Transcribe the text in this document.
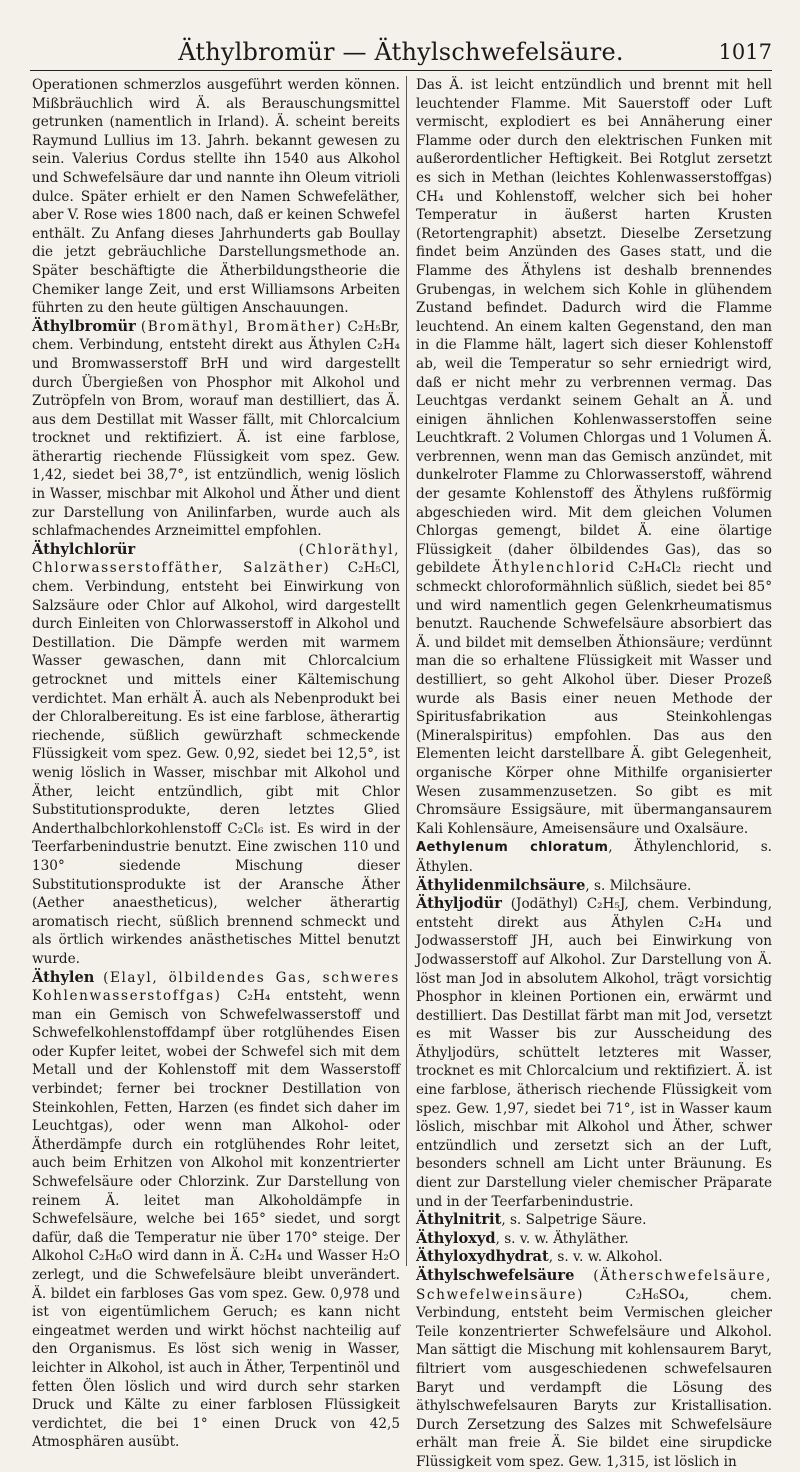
Äthylbromür — Äthylschwefelsäure.	1017

Operationen schmerzlos ausgeführt werden können. Mißbräuchlich wird Ä. als Berauschungsmittel getrunken (namentlich in Irland). Ä. scheint bereits Raymund Lullius im 13. Jahrh. bekannt gewesen zu sein. Valerius Cordus stellte ihn 1540 aus Alkohol und Schwefelsäure dar und nannte ihn Oleum vitrioli dulce. Später erhielt er den Namen Schwefeläther, aber V. Rose wies 1800 nach, daß er keinen Schwefel enthält. Zu Anfang dieses Jahrhunderts gab Boullay die jetzt gebräuchliche Darstellungsmethode an. Später beschäftigte die Ätherbildungstheorie die Chemiker lange Zeit, und erst Williamsons Arbeiten führten zu den heute gültigen Anschauungen.

Äthylbromür (Bromäthyl, Bromäther) C₂H₅Br, chem. Verbindung, entsteht direkt aus Äthylen C₂H₄ und Bromwasserstoff BrH und wird dargestellt durch Übergießen von Phosphor mit Alkohol und Zutröpfeln von Brom, worauf man destilliert, das Ä. aus dem Destillat mit Wasser fällt, mit Chlorcalcium trocknet und rektifiziert. Ä. ist eine farblose, ätherartig riechende Flüssigkeit vom spez. Gew. 1,42, siedet bei 38,7°, ist entzündlich, wenig löslich in Wasser, mischbar mit Alkohol und Äther und dient zur Darstellung von Anilinfarben, wurde auch als schlafmachendes Arzneimittel empfohlen.

Äthylchlorür	(Chloräthyl, Chlorwasserstoffäther, Salzäther) C₂H₅Cl, chem. Verbindung, entsteht bei Einwirkung von Salzsäure oder Chlor auf Alkohol, wird dargestellt durch Einleiten von Chlorwasserstoff in Alkohol und Destillation. Die Dämpfe werden mit warmem Wasser gewaschen, dann mit Chlorcalcium getrocknet und mittels einer Kältemischung verdichtet. Man erhält Ä. auch als Nebenprodukt bei der Chloralbereitung. Es ist eine farblose, ätherartig riechende, süßlich gewürzhaft schmeckende Flüssigkeit vom spez. Gew. 0,92, siedet bei 12,5°, ist wenig löslich in Wasser, mischbar mit Alkohol und Äther, leicht entzündlich, gibt mit Chlor Substitutionsprodukte, deren letztes Glied Anderthalbchlorkohlenstoff C₂Cl₆ ist. Es wird in der Teerfarbenindustrie benutzt. Eine zwischen 110 und 130° siedende Mischung dieser Substitutionsprodukte ist der Aransche Äther (Aether anaestheticus), welcher ätherartig aromatisch riecht, süßlich brennend schmeckt und als örtlich wirkendes anästhetisches Mittel benutzt wurde.

Äthylen (Elayl, ölbildendes Gas, schweres Kohlenwasserstoffgas) C₂H₄ entsteht, wenn man ein Gemisch von Schwefelwasserstoff und Schwefelkohlenstoffdampf über rotglühendes Eisen oder Kupfer leitet, wobei der Schwefel sich mit dem Metall und der Kohlenstoff mit dem Wasserstoff verbindet; ferner bei trockner Destillation von Steinkohlen, Fetten, Harzen (es findet sich daher im Leuchtgas), oder wenn man Alkohol- oder Ätherdämpfe durch ein rotglühendes Rohr leitet, auch beim Erhitzen von Alkohol mit konzentrierter Schwefelsäure oder Chlorzink. Zur Darstellung von reinem Ä. leitet man Alkoholdämpfe in Schwefelsäure, welche bei 165° siedet, und sorgt dafür, daß die Temperatur nie über 170° steige. Der Alkohol C₂H₆O wird dann in Ä. C₂H₄ und Wasser H₂O zerlegt, und die Schwefelsäure bleibt unverändert. Ä. bildet ein farbloses Gas vom spez. Gew. 0,978 und ist von eigentümlichem Geruch; es kann nicht eingeatmet werden und wirkt höchst nachteilig auf den Organismus. Es löst sich wenig in Wasser, leichter in Alkohol, ist auch in Äther, Terpentinöl und fetten Ölen löslich und wird durch sehr starken Druck und Kälte zu einer farblosen Flüssigkeit verdichtet, die bei 1° einen Druck von 42,5 Atmosphären ausübt.

Das Ä. ist leicht entzündlich und brennt mit hell leuchtender Flamme. Mit Sauerstoff oder Luft vermischt, explodiert es bei Annäherung einer Flamme oder durch den elektrischen Funken mit außerordentlicher Heftigkeit. Bei Rotglut zersetzt es sich in Methan (leichtes Kohlenwasserstoffgas) CH₄ und Kohlenstoff, welcher sich bei hoher Temperatur in äußerst harten Krusten (Retortengraphit) absetzt. Dieselbe Zersetzung findet beim Anzünden des Gases statt, und die Flamme des Äthylens ist deshalb brennendes Grubengas, in welchem sich Kohle in glühendem Zustand befindet. Dadurch wird die Flamme leuchtend. An einem kalten Gegenstand, den man in die Flamme hält, lagert sich dieser Kohlenstoff ab, weil die Temperatur so sehr erniedrigt wird, daß er nicht mehr zu verbrennen vermag. Das Leuchtgas verdankt seinem Gehalt an Ä. und einigen ähnlichen Kohlenwasserstoffen seine Leuchtkraft. 2 Volumen Chlorgas und 1 Volumen Ä. verbrennen, wenn man das Gemisch anzündet, mit dunkelroter Flamme zu Chlorwasserstoff, während der gesamte Kohlenstoff des Äthylens rußförmig abgeschieden wird. Mit dem gleichen Volumen Chlorgas gemengt, bildet Ä. eine ölartige Flüssigkeit (daher ölbildendes Gas), das so gebildete Äthylenchlorid C₂H₄Cl₂ riecht und schmeckt chloroformähnlich süßlich, siedet bei 85° und wird namentlich gegen Gelenkrheumatismus benutzt. Rauchende Schwefelsäure absorbiert das Ä. und bildet mit demselben Äthionsäure; verdünnt man die so erhaltene Flüssigkeit mit Wasser und destilliert, so geht Alkohol über. Dieser Prozeß wurde als Basis einer neuen Methode der Spiritusfabrikation aus Steinkohlengas (Mineralspiritus) empfohlen. Das aus den Elementen leicht darstellbare Ä. gibt Gelegenheit, organische Körper ohne Mithilfe organisierter Wesen zusammenzusetzen. So gibt es mit Chromsäure Essigsäure, mit übermangansaurem Kali Kohlensäure, Ameisensäure und Oxalsäure.

Aethylenum chloratum, Äthylenchlorid, s. Äthylen.

Äthylidenmilchsäure, s. Milchsäure.

Äthyljodür (Jodäthyl) C₂H₅J, chem. Verbindung, entsteht direkt aus Äthylen C₂H₄ und Jodwasserstoff JH, auch bei Einwirkung von Jodwasserstoff auf Alkohol. Zur Darstellung von Ä. löst man Jod in absolutem Alkohol, trägt vorsichtig Phosphor in kleinen Portionen ein, erwärmt und destilliert. Das Destillat färbt man mit Jod, versetzt es mit Wasser bis zur Ausscheidung des Äthyljodürs, schüttelt letzteres mit Wasser, trocknet es mit Chlorcalcium und rektifiziert. Ä. ist eine farblose, ätherisch riechende Flüssigkeit vom spez. Gew. 1,97, siedet bei 71°, ist in Wasser kaum löslich, mischbar mit Alkohol und Äther, schwer entzündlich und zersetzt sich an der Luft, besonders schnell am Licht unter Bräunung. Es dient zur Darstellung vieler chemischer Präparate und in der Teerfarbenindustrie.

Äthylnitrit, s. Salpetrige Säure.

Äthyloxyd, s. v. w. Äthyläther.

Äthyloxydhydrat, s. v. w. Alkohol.

Äthylschwefelsäure (Ätherschwefelsäure, Schwefelweinsäure)	C₂H₆SO₄, chem. Verbindung, entsteht beim Vermischen gleicher Teile konzentrierter Schwefelsäure und Alkohol. Man sättigt die Mischung mit kohlensaurem Baryt, filtriert vom ausgeschiedenen schwefelsauren Baryt und verdampft die Lösung des äthylschwefelsauren Baryts zur Kristallisation. Durch Zersetzung des Salzes mit Schwefelsäure erhält man freie Ä. Sie bildet eine sirupdicke Flüssigkeit vom spez. Gew. 1,315, ist löslich in
